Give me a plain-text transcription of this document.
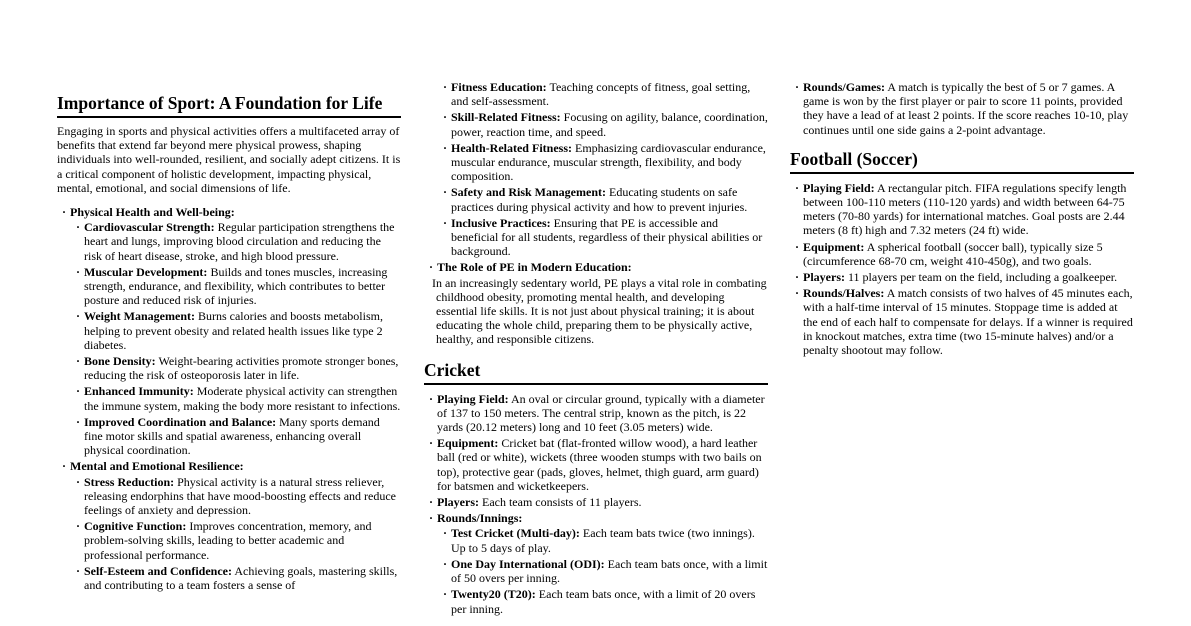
Importance of Sport: A Foundation for Life

Engaging in sports and physical activities offers a multifaceted array of benefits that extend far beyond mere physical prowess, shaping individuals into well-rounded, resilient, and socially adept citizens. It is a critical component of holistic development, impacting physical, mental, emotional, and social dimensions of life.

· Physical Health and Well-being:
· Cardiovascular Strength: Regular participation strengthens the heart and lungs, improving blood circulation and reducing the risk of heart disease, stroke, and high blood pressure.
· Muscular Development: Builds and tones muscles, increasing strength, endurance, and flexibility, which contributes to better posture and reduced risk of injuries.
· Weight Management: Burns calories and boosts metabolism, helping to prevent obesity and related health issues like type 2 diabetes.
· Bone Density: Weight-bearing activities promote stronger bones, reducing the risk of osteoporosis later in life.
· Enhanced Immunity: Moderate physical activity can strengthen the immune system, making the body more resistant to infections.
· Improved Coordination and Balance: Many sports demand fine motor skills and spatial awareness, enhancing overall physical coordination.
· Mental and Emotional Resilience:
· Stress Reduction: Physical activity is a natural stress reliever, releasing endorphins that have mood-boosting effects and reduce feelings of anxiety and depression.
· Cognitive Function: Improves concentration, memory, and problem-solving skills, leading to better academic and professional performance.
· Self-Esteem and Confidence: Achieving goals, mastering skills, and contributing to a team fosters a sense of
· Fitness Education: Teaching concepts of fitness, goal setting, and self-assessment.
· Skill-Related Fitness: Focusing on agility, balance, coordination, power, reaction time, and speed.
· Health-Related Fitness: Emphasizing cardiovascular endurance, muscular endurance, muscular strength, flexibility, and body composition.
· Safety and Risk Management: Educating students on safe practices during physical activity and how to prevent injuries.
· Inclusive Practices: Ensuring that PE is accessible and beneficial for all students, regardless of their physical abilities or background.
· The Role of PE in Modern Education:
In an increasingly sedentary world, PE plays a vital role in combating childhood obesity, promoting mental health, and developing essential life skills. It is not just about physical training; it is about educating the whole child, preparing them to be physically active, healthy, and responsible citizens.
Cricket
· Playing Field: An oval or circular ground, typically with a diameter of 137 to 150 meters. The central strip, known as the pitch, is 22 yards (20.12 meters) long and 10 feet (3.05 meters) wide.
· Equipment: Cricket bat (flat-fronted willow wood), a hard leather ball (red or white), wickets (three wooden stumps with two bails on top), protective gear (pads, gloves, helmet, thigh guard, arm guard) for batsmen and wicketkeepers.
· Players: Each team consists of 11 players.
· Rounds/Innings:
· Test Cricket (Multi-day): Each team bats twice (two innings). Up to 5 days of play.
· One Day International (ODI): Each team bats once, with a limit of 50 overs per inning.
· Twenty20 (T20): Each team bats once, with a limit of 20 overs per inning.
· Rounds/Games: A match is typically the best of 5 or 7 games. A game is won by the first player or pair to score 11 points, provided they have a lead of at least 2 points. If the score reaches 10-10, play continues until one side gains a 2-point advantage.
Football (Soccer)
· Playing Field: A rectangular pitch. FIFA regulations specify length between 100-110 meters (110-120 yards) and width between 64-75 meters (70-80 yards) for international matches. Goal posts are 2.44 meters (8 ft) high and 7.32 meters (24 ft) wide.
· Equipment: A spherical football (soccer ball), typically size 5 (circumference 68-70 cm, weight 410-450g), and two goals.
· Players: 11 players per team on the field, including a goalkeeper.
· Rounds/Halves: A match consists of two halves of 45 minutes each, with a half-time interval of 15 minutes. Stoppage time is added at the end of each half to compensate for delays. If a winner is required in knockout matches, extra time (two 15-minute halves) and/or a penalty shootout may follow.
